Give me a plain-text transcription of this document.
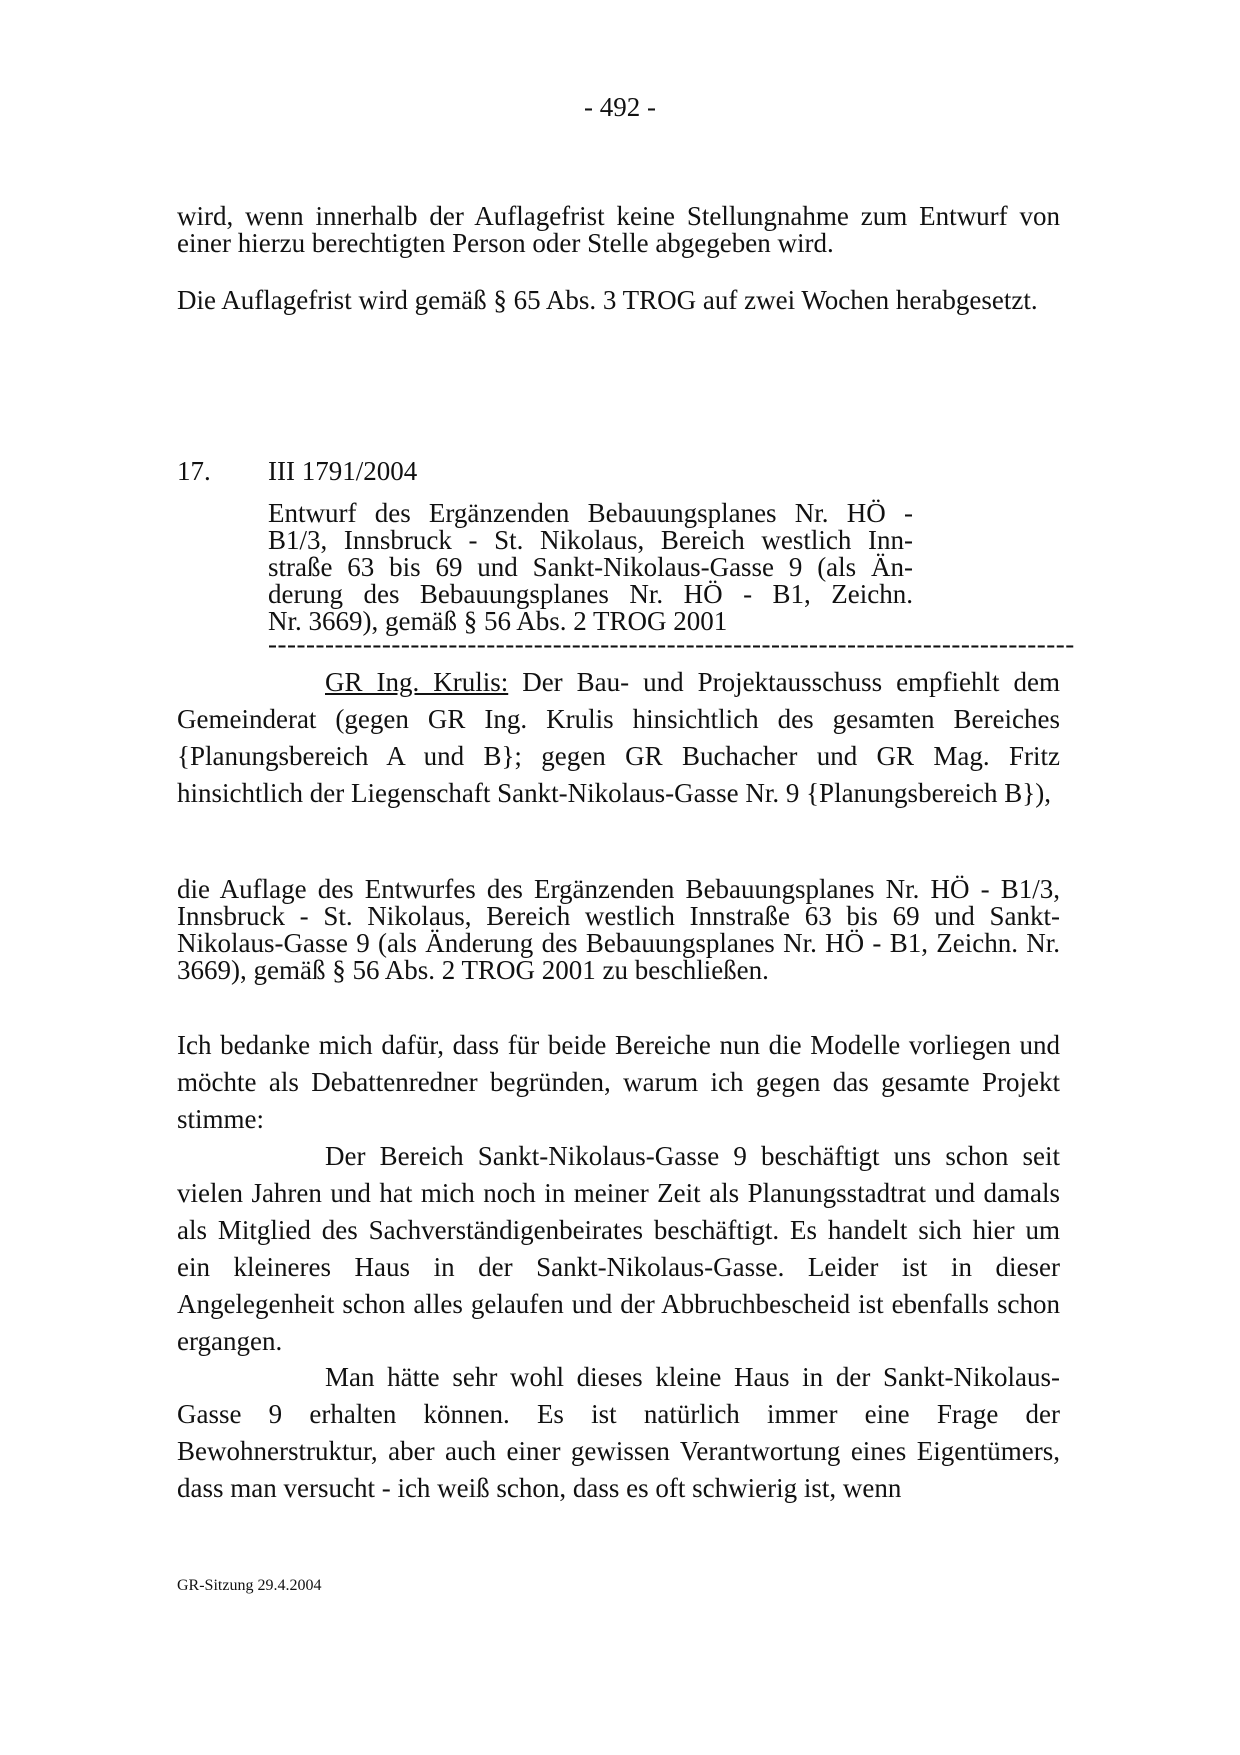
- 492 -

wird, wenn innerhalb der Auflagefrist keine Stellungnahme zum Entwurf von einer hierzu berechtigten Person oder Stelle abgegeben wird.

Die Auflagefrist wird gemäß § 65 Abs. 3 TROG auf zwei Wochen herabgesetzt.

17. III 1791/2004
Entwurf des Ergänzenden Bebauungsplanes Nr. HÖ -
B1/3, Innsbruck - St. Nikolaus, Bereich westlich Inn-
straße 63 bis 69 und Sankt-Nikolaus-Gasse 9 (als Än-
derung des Bebauungsplanes Nr. HÖ - B1, Zeichn.
Nr. 3669), gemäß § 56 Abs. 2 TROG 2001
-------------------------------------------------------------------------------------

GR Ing. Krulis: Der Bau- und Projektausschuss empfiehlt dem Gemeinderat (gegen GR Ing. Krulis hinsichtlich des gesamten Bereiches {Planungsbereich A und B}; gegen GR Buchacher und GR Mag. Fritz hinsichtlich der Liegenschaft Sankt-Nikolaus-Gasse Nr. 9 {Planungsbereich B}),

die Auflage des Entwurfes des Ergänzenden Bebauungsplanes Nr. HÖ - B1/3, Innsbruck - St. Nikolaus, Bereich westlich Innstraße 63 bis 69 und Sankt-Nikolaus-Gasse 9 (als Änderung des Bebauungsplanes Nr. HÖ - B1, Zeichn. Nr. 3669), gemäß § 56 Abs. 2 TROG 2001 zu beschließen.

Ich bedanke mich dafür, dass für beide Bereiche nun die Modelle vorliegen und möchte als Debattenredner begründen, warum ich gegen das gesamte Projekt stimme:

Der Bereich Sankt-Nikolaus-Gasse 9 beschäftigt uns schon seit vielen Jahren und hat mich noch in meiner Zeit als Planungsstadtrat und damals als Mitglied des Sachverständigenbeirates beschäftigt. Es handelt sich hier um ein kleineres Haus in der Sankt-Nikolaus-Gasse. Leider ist in dieser Angelegenheit schon alles gelaufen und der Abbruchbescheid ist ebenfalls schon ergangen.

Man hätte sehr wohl dieses kleine Haus in der Sankt-Nikolaus-Gasse 9 erhalten können. Es ist natürlich immer eine Frage der Bewohnerstruktur, aber auch einer gewissen Verantwortung eines Eigentümers, dass man versucht - ich weiß schon, dass es oft schwierig ist, wenn

GR-Sitzung 29.4.2004
